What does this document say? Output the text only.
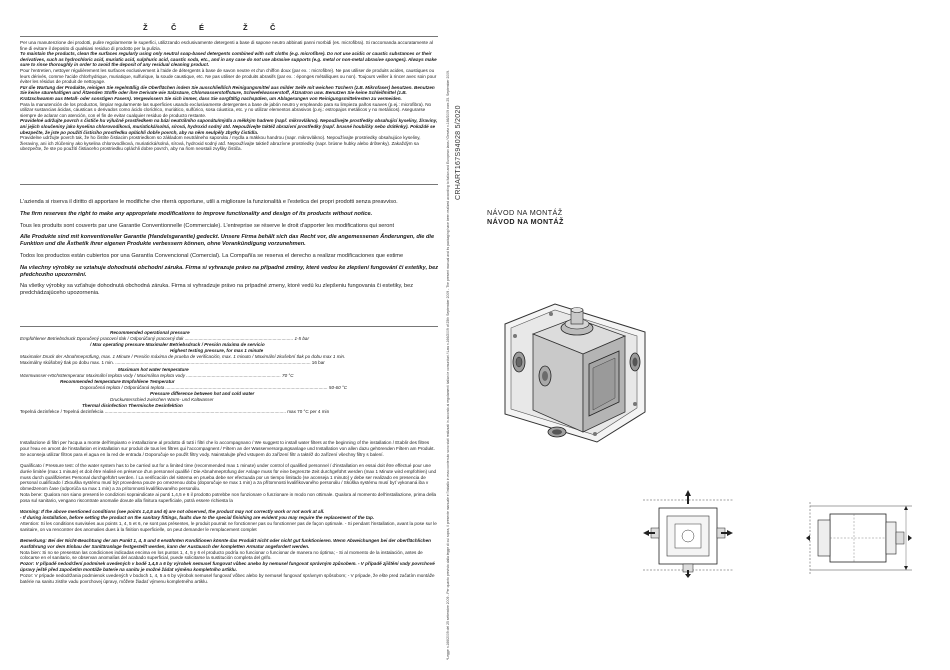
Ž	Č	É	Ž	Č

Per una manutenzione dei prodotti, pulire regolarmente le superfici, utilizzando esclusivamente detergenti a base di sapone neutro abbinati panni morbidi (es. microfibra). Si raccomanda accuratamente al fine di evitare il deposito di qualsiasi residuo di prodotto per la pulizia.

To maintain the products, clean the surfaces regularly using only neutral soap-based detergents combined with soft cloths (e.g. microfibre). Do not use acidic or caustic substances or their derivatives, such as hydrochloric acid, muriatic acid, sulphuric acid, caustic soda, etc., and in any case do not use abrasive supports (e.g. metal or non-metal abrasive sponges). Always make sure to rinse thoroughly in order to avoid the deposit of any residual cleaning product.

Pour l'entretien, nettoyer régulièrement les surfaces exclusivement à l'aide de détergents à base de savon neutre et d'un chiffon doux (par ex. : microfibre). Ne pas utiliser de produits acides, caustiques ou leurs dérivés, comme l'acide chlorhydrique, muriatique, sulfurique, la soude caustique, etc. Ne pas utiliser de produits abrasifs (par ex. : éponges métalliques ou non). Toujours veiller à rincer avec soin pour éviter les résidus de produit de nettoyage.

Für die Wartung der Produkte, reinigen Sie regelmäßig die Oberflächen indem Sie ausschließlich Reinigungsmittel aus milder Seife mit weichen Tüchern (z.B. Mikrofaser) benutzen. Benutzen Sie keine säurehaltigen und Ätzenden Stoffe oder ihre Derivate wie Salzsäure, Chlorwasserstoffsäure, Schwefelwasserstoff, Ätznatron usw. Benutzen Sie keine Schleifmittel (z.B. Kratzschwamm aus Metall- oder sonstigen Fasern). Vergewissern Sie sich immer, dass Sie sorgfältig nachspülen, um Ablagerungen von Reinigungsmittelresten zu vermeiden.

Para la manutención de los productos, limpiar regularmente las superficies usando exclusivamente detergentes a base de jabón neutro y empleando para su limpieza paños suaves (p.ej.: microfibra). No utilizar sustancias ácidas, cáusticas o derivados como ácido clorídrico, muriático, sulfúrico, sosa cáustica, etc. y no utilizar elementos abrasivos (p.ej.: estropajos metálicos y no metálicos). Asegurarse siempre de aclarar con atención, con el fin de evitar cualquier residuo de producto restante.

Pravidelné udržujte povrch s čističe hu výlučně prostředkem na bázi neutrálního saponátu/mýdla a měkkým hadrem (např. mikrovlákno). Nepoužívejte prostředky obsahující kyseliny, žíraviny, ani jejich sloučeniny jako kyselina chlorovodíková, muriatická/solná, sírová, hydroxid sodný atd. Nepoužívejte taktéž abrazivní prostředky (např. brusné houbičky nebo drátěnky). Pokaždé se ubezpečte, že jste po použití čisticího prostředku opláchli dobře povrch, aby na něm neulpěly zbytky čistidla.

Pravidelne udržujte povrch tak, že ho čistíte čistiacim prostriedkom so základom neutrálneho saponátu / mydla a mäkkou handrou (napr. mikrovlákno). Nepoužívajte prostriedky obsahujúce kyseliny, žieraviny, ani ich zlúčeniny ako kyselina chlorovodíková, muriatická/solná, sírová, hydroxid sodný atď. Nepoužívajte taktiež abrazívne prostriedky (napr. brúsne hubky alebo drôtenky). Zakaždým sa ubezpečte, že ste po použití čistiaceho prostriedku opláchli dobre povrch, aby na ňom neostali zvyšky čističa.

L'azienda si riserva il diritto di apportare le modifiche che riterrà opportune, utili a migliorare la funzionalità e l'estetica dei propri prodotti senza preavviso.

The firm reserves the right to make any appropriate modifications to improve functionality and design of its products without notice.

Tous les produits sont couverts par une Garantie Conventionnelle (Commerciale). L'entreprise se réserve le droit d'apporter les modifications qui seront

Alle Produkte sind mit konventioneller Garantie (Handelsgarantie) gedeckt. Unsere Firma behält sich das Recht vor, die angemessenen Änderungen, die die Funktion und die Ästhetik ihrer eigenen Produkte verbessern können, ohne Vorankündigung vorzunehmen.

Todos los productos están cubiertos por una Garantía Convencional (Comercial). La Compañía se reserva el derecho a realizar modificaciones que estime

Na všechny výrobky se vztahuje dohodnutá obchodní záruka. Firma si vyhrazuje právo na případné změny, které vedou ke zlepšení fungování či estetiky, bez předchozího upozornění.

Na všetky výrobky sa vzťahuje dohodnutá obchodná záruka. Firma si vyhradzuje právo na prípadné zmeny, ktoré vedú ku zlepšeniu fungovania či estetiky, bez predchádzajúceho upozornenia.

Recommended operational pressure
Empfohlener Betriebsdruck Dporučený pracovní tlak / Odporúčaný pracovný tlak ..................................................................................... 1-5 bar
/ Max operating pressure Maximaler Betriebsdruck / Presión máxima de servicio
Highest testing pressure, for max 1 minute
Maximaler Druck der Abnahmeprüfung, max. 1 Minute / Presión máxima de prueba de verificación, max. 1 minuto / Maximální zkušební tlak po dobu max 1 min.
Maximálny skúšobný tlak po dobu max. 1 min. ......................................................................................................................................................... 16 bar
Maximum hot water temperature
Warmwasser-Höchsttemperatur Maximální teplota vody / Maximálna teplota vody .......................................................................... 70 °C
Recommended temperature Empfohlene Temperatur
Doporučená teplota / Odporúčaná teplota ............................................................................................................................... 50-60 °C
Pressure difference between hot and cold water
Druckunterschied zwischen Warm- und Kaltwasser
Thermal disinfection Thermische Desinfektion
Tepelná dezinfekce / Tepelná dezinfekcia .............................................................................................................................................. max 70 °C per 4 min

Installazione di filtri per l'acqua a monte dell'impianto e installazione al prodotto di tutti i filtri che lo accompagnano / We suggest to install water filters at the beginning of the installation / Etablir des filtres pour l'eau en amont de l'installation et installation sur produit de tous les filtres qui l'accompagnent / Filtern an der Wasserversorgungsanlage und Installation von allen dazu gehörenden Filtern am Produkt.

Se aconseja utilizar filtros para el agua en la red de entrada / Doporučuje se použít filtry vody. Nainstalujte před vstupem do zařízení filtr a taktéž do zařízení všechny filtry s balení.

Qualificato / Pressure test: of the water system has to be carried out for a limited time (recommended max 1 minute) under control of qualified personnel / d'installation en essai doit être effectué pour une durée limitée (max 1 minute) et doit être réalisé en présence d'un personnel qualifié / Die Abnahmeprüfung der Anlage muss für eine begrenzte Zeit durchgeführt werden (max 1 Minute wird empfohlen) und muss durch qualifiziertes Personal durchgeführt werden. / La verificación del sistema en prueba debe ser efectuada por un tiempo limitado (se aconseja 1 minuto) y debe ser realizado en presencia de personal cualificado / Zkouška systému musí být provedena pouze po omezenou dobu (doporučuje se max 1 min) a za přítomnosti kvalifikovaného personálu / Skúška systému musí byť vykonaná iba v obmedzenom čase (odporúča sa max 1 min) a za prítomnosti kvalifikovaného personálu.

Nota bene: Qualora non siano presenti le condizioni sopraindicate ai punti 1,4,5 e 6 il prodotto potrebbe non funzionare o funzionare in modo non ottimale. Qualora al momento dell'installazione, prima della posa sul sanitario, vengano riscontrate anomalie dovute alla finitura superficiale, potrà essere richiesta la

Warning: If the above mentioned conditions (see points 1,4,5 and 6) are not observed, the product may not correctly work or not work at all.

- If during installation, before setting the product on the sanitary fittings, faults due to the special finishing are evident you may require the replacement of the tap.

Attention: Si les conditions susvisées aux points 1, 4, 5 et 6, ne sont pas présentes, le produit pourrait ne fonctionner pas ou fonctionner pas de façon optimale. - Si pendant l'installation, avant la pose sur le sanitaire, on va rencontrer des anomalies dues à la finition superficielle, on peut demander le remplacement complet

Bemerkung: Bei der Nicht-Beachtung der am Punkt 1, 4, 5 und 6 erwähnten Konditionen könnte das Produkt nicht oder nicht gut funktionieren. Wenn Abweichungen bei der oberflächlichen Ausführung vor dem Einbau der Sanitäranlage festgestellt werden, kann der Austausch der kompletten Armatur angefordert werden.

Nota bien: Si no se presentan las condiciones indicadas encima en los puntos 1, 4, 5 y 6 el producto podría no funcionar o funcionar de manera no óptima; - Si al momento de la instalación, antes de colocarse en el sanitario, se observan anomalías del acabado superficial, puede solicitarse la sustitución completa del grifo.

Pozor: V případě nedodržení podmínek uvedených v bodě 1,4,5 a 6 by výrobek nemusel fungovat vůbec anebo by nemusel fungovat správným způsobem. - V případě zjištění vady povrchové úpravy ještě před započetím montáže baterie na sanitu je možné žádat výměnu kompletního artiklu.

Pozor: V prípade nedodržania podmienok uvedených v bodoch 1, 4, 5 a 6 by výrobok nemusel fungovať vôbec alebo by nemusel fungovať správnym spôsobom; - V prípade, že ešte pred začatím montáže batérie na sanitu zistíte vadu povrchovej úpravy, môžete žiadať výmenu kompletného artiklu.	*Legge n.166/2009 del 25 settembre 2009 - Per quanto previsto dalla legge di cui sopra, il presente manuale e l'imballo in esso contenuto sono stati realizzati in accordo ai regolamenti italiani e comunitari / Law n.166/2009 of 25th September 2009 - The present manual and its packaging have been realized according to Italian and European laws / Gesetz n.166/2009 vom 25. September 2009. CRHART167S94028 5/2020
NÁVOD NA MONTÁŽ
NÁVOD NA MONTÁŽ
